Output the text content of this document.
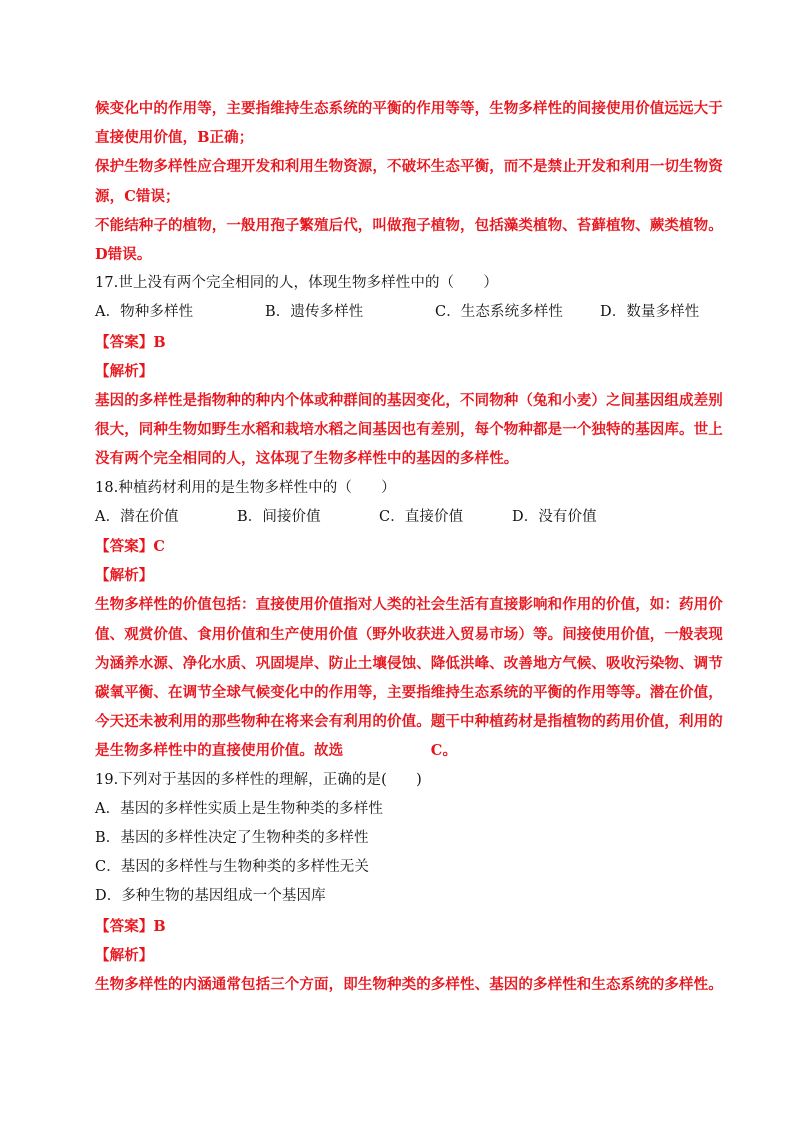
候变化中的作用等，主要指维持生态系统的平衡的作用等等，生物多样性的间接使用价值远远大于
直接使用价值，B正确；
保护生物多样性应合理开发和利用生物资源，不破坏生态平衡，而不是禁止开发和利用一切生物资
源，C错误；
不能结种子的植物，一般用孢子繁殖后代，叫做孢子植物，包括藻类植物、苔藓植物、蕨类植物。
D错误。
17.世上没有两个完全相同的人，体现生物多样性中的（　　）
A．物种多样性	B．遗传多样性	C．生态系统多样性	D．数量多样性
【答案】B
【解析】
基因的多样性是指物种的种内个体或种群间的基因变化，不同物种（兔和小麦）之间基因组成差别
很大，同种生物如野生水稻和栽培水稻之间基因也有差别，每个物种都是一个独特的基因库。世上
没有两个完全相同的人，这体现了生物多样性中的基因的多样性。
18.种植药材利用的是生物多样性中的（　　）
A．潜在价值	B．间接价值	C．直接价值	D．没有价值
【答案】C
【解析】
生物多样性的价值包括：直接使用价值指对人类的社会生活有直接影响和作用的价值，如：药用价
值、观赏价值、食用价值和生产使用价值（野外收获进入贸易市场）等。间接使用价值，一般表现
为涵养水源、净化水质、巩固堤岸、防止土壤侵蚀、降低洪峰、改善地方气候、吸收污染物、调节
碳氧平衡、在调节全球气候变化中的作用等，主要指维持生态系统的平衡的作用等等。潜在价值，
今天还未被利用的那些物种在将来会有利用的价值。题干中种植药材是指植物的药用价值，利用的
是生物多样性中的直接使用价值。故选　　　　　　C。
19.下列对于基因的多样性的理解，正确的是(　　)
A．基因的多样性实质上是生物种类的多样性
B．基因的多样性决定了生物种类的多样性
C．基因的多样性与生物种类的多样性无关
D．多种生物的基因组成一个基因库
【答案】B
【解析】
生物多样性的内涵通常包括三个方面，即生物种类的多样性、基因的多样性和生态系统的多样性。
